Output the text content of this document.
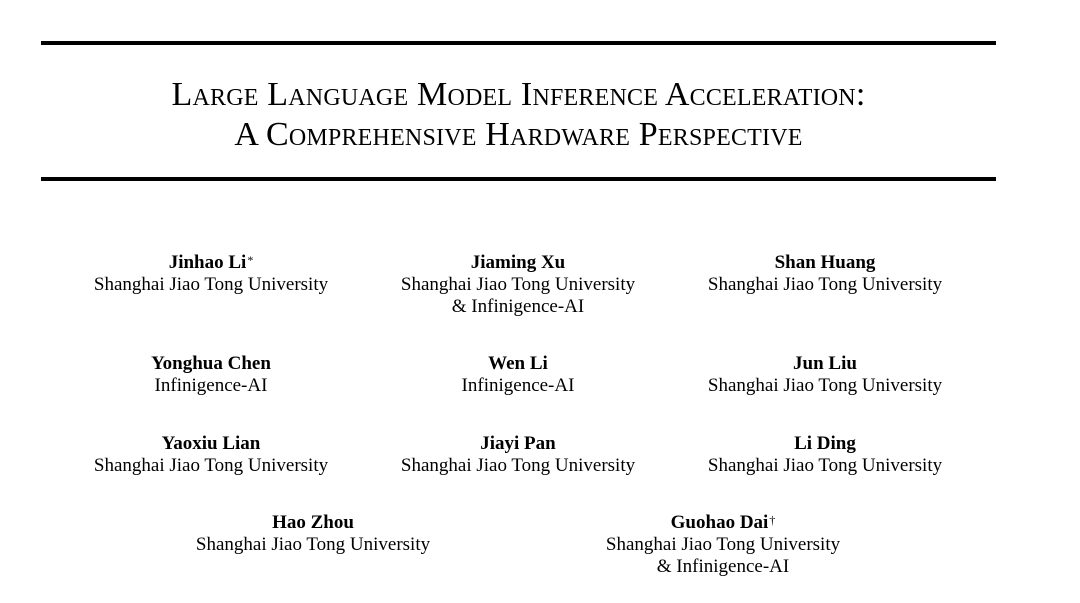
Large Language Model Inference Acceleration:
A Comprehensive Hardware Perspective
Jinhao Li*
Shanghai Jiao Tong University
Jiaming Xu
Shanghai Jiao Tong University
& Infinigence-AI
Shan Huang
Shanghai Jiao Tong University
Yonghua Chen
Infinigence-AI
Wen Li
Infinigence-AI
Jun Liu
Shanghai Jiao Tong University
Yaoxiu Lian
Shanghai Jiao Tong University
Jiayi Pan
Shanghai Jiao Tong University
Li Ding
Shanghai Jiao Tong University
Hao Zhou
Shanghai Jiao Tong University
Guohao Dai†
Shanghai Jiao Tong University
& Infinigence-AI
